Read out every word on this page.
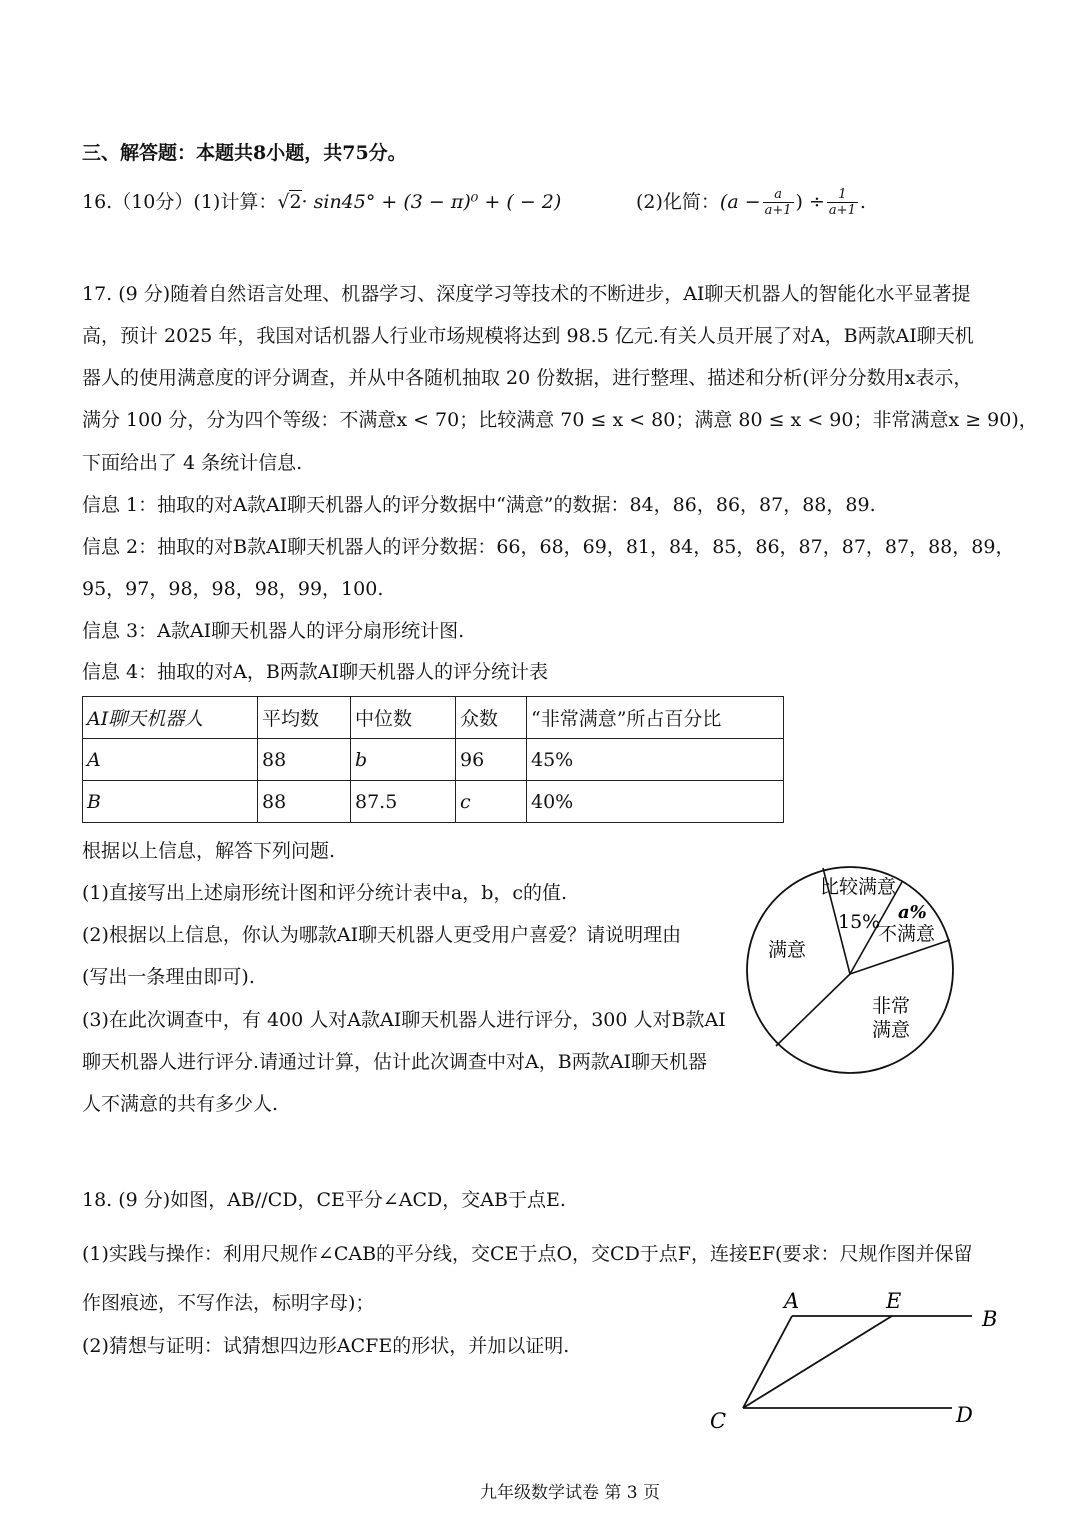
三、解答题：本题共8小题，共75分。
16.（10分）(1)计算：√2· sin45° + (3 − π)⁰ + ( − 2)	(2)化简： ($a - \frac{a}{a+1}$ ) ÷ $\frac{1}{a+1}$ .
17. (9 分)随着自然语言处理、机器学习、深度学习等技术的不断进步，AI聊天机器人的智能化水平显著提
高，预计 2025 年，我国对话机器人行业市场规模将达到 98.5 亿元.有关人员开展了对A，B两款AI聊天机
器人的使用满意度的评分调查，并从中各随机抽取 20 份数据，进行整理、描述和分析(评分分数用x表示，
满分 100 分，分为四个等级：不满意x < 70；比较满意 70 ≤ x < 80；满意 80 ≤ x < 90；非常满意x ≥ 90)，
下面给出了 4 条统计信息.
信息 1：抽取的对A款AI聊天机器人的评分数据中“满意”的数据：84，86，86，87，88，89.
信息 2：抽取的对B款AI聊天机器人的评分数据：66，68，69，81，84，85，86，87，87，87，88，89，
95，97，98，98，98，99，100.
信息 3：A款AI聊天机器人的评分扇形统计图.
信息 4：抽取的对A，B两款AI聊天机器人的评分统计表
AI聊天机器人	平均数	中位数	众数	“非常满意”所占百分比
A	88	b	96	45%
B	88	87.5	c	40%
根据以上信息，解答下列问题.
(1)直接写出上述扇形统计图和评分统计表中a，b，c的值.
(2)根据以上信息，你认为哪款AI聊天机器人更受用户喜爱？请说明理由
(写出一条理由即可).
(3)在此次调查中，有 400 人对A款AI聊天机器人进行评分，300 人对B款AI
聊天机器人进行评分.请通过计算，估计此次调查中对A，B两款AI聊天机器
人不满意的共有多少人.
比较满意
15% a%
不满意
满意
非常
满意
18. (9 分)如图，AB//CD，CE平分∠ACD，交AB于点E.
(1)实践与操作：利用尺规作∠CAB的平分线，交CE于点O，交CD于点F，连接EF(要求：尺规作图并保留
作图痕迹，不写作法，标明字母)；
(2)猜想与证明：试猜想四边形ACFE的形状，并加以证明.
A	E
B
C	D
九年级数学试卷 第 3 页
